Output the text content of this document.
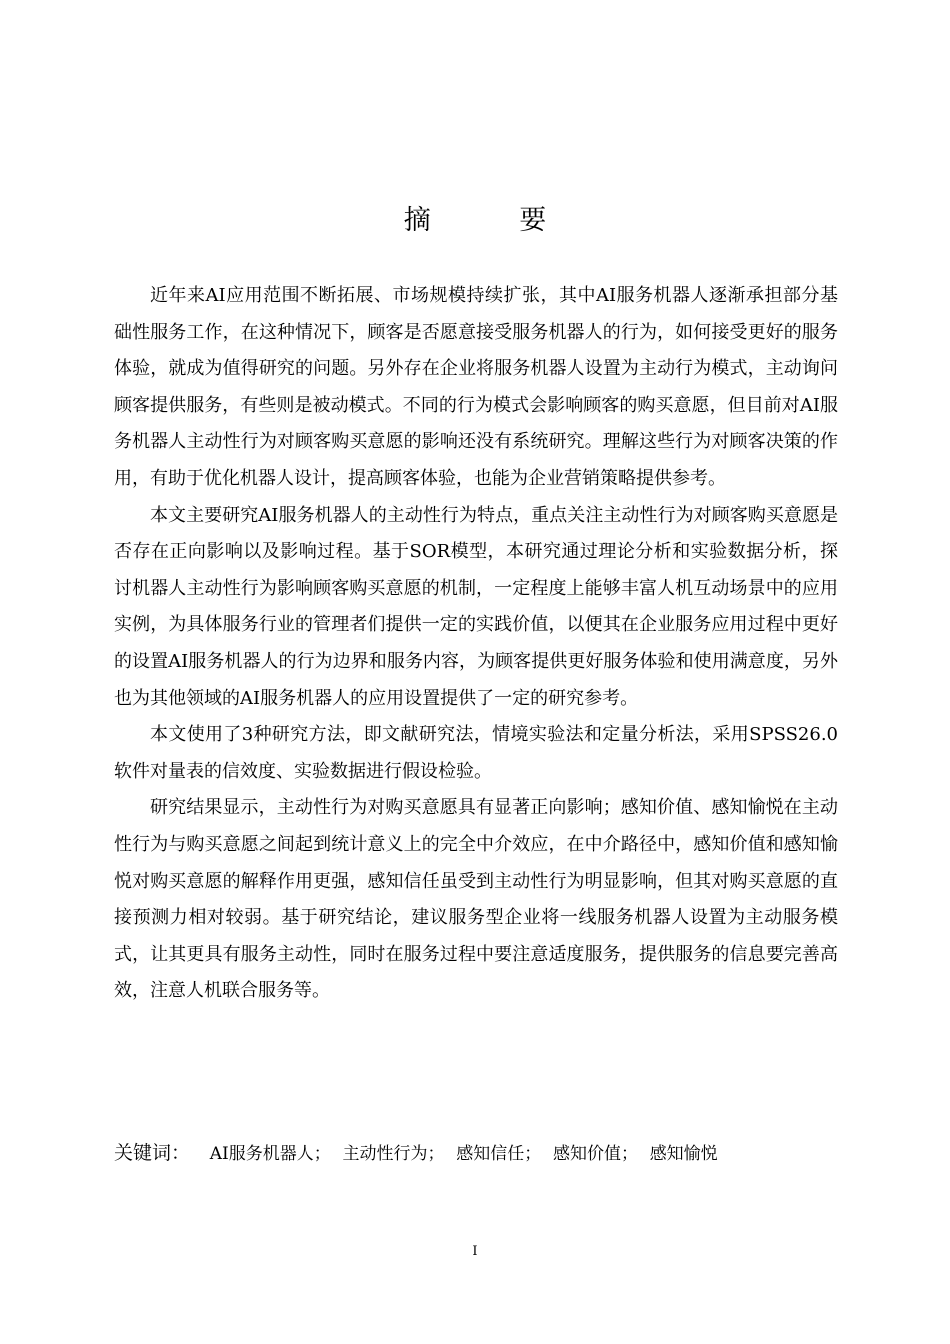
摘 要

近年来AI应用范围不断拓展、市场规模持续扩张，其中AI服务机器人逐渐承担部分基础性服务工作，在这种情况下，顾客是否愿意接受服务机器人的行为，如何接受更好的服务体验，就成为值得研究的问题。另外存在企业将服务机器人设置为主动行为模式，主动询问顾客提供服务，有些则是被动模式。不同的行为模式会影响顾客的购买意愿，但目前对AI服务机器人主动性行为对顾客购买意愿的影响还没有系统研究。理解这些行为对顾客决策的作用，有助于优化机器人设计，提高顾客体验，也能为企业营销策略提供参考。

本文主要研究AI服务机器人的主动性行为特点，重点关注主动性行为对顾客购买意愿是否存在正向影响以及影响过程。基于SOR模型，本研究通过理论分析和实验数据分析，探讨机器人主动性行为影响顾客购买意愿的机制，一定程度上能够丰富人机互动场景中的应用实例，为具体服务行业的管理者们提供一定的实践价值，以便其在企业服务应用过程中更好的设置AI服务机器人的行为边界和服务内容，为顾客提供更好服务体验和使用满意度，另外也为其他领域的AI服务机器人的应用设置提供了一定的研究参考。

本文使用了3种研究方法，即文献研究法，情境实验法和定量分析法，采用SPSS26.0软件对量表的信效度、实验数据进行假设检验。

研究结果显示，主动性行为对购买意愿具有显著正向影响；感知价值、感知愉悦在主动性行为与购买意愿之间起到统计意义上的完全中介效应，在中介路径中，感知价值和感知愉悦对购买意愿的解释作用更强，感知信任虽受到主动性行为明显影响，但其对购买意愿的直接预测力相对较弱。基于研究结论，建议服务型企业将一线服务机器人设置为主动服务模式，让其更具有服务主动性，同时在服务过程中要注意适度服务，提供服务的信息要完善高效，注意人机联合服务等。

关键词： AI服务机器人； 主动性行为； 感知信任； 感知价值； 感知愉悦
I
